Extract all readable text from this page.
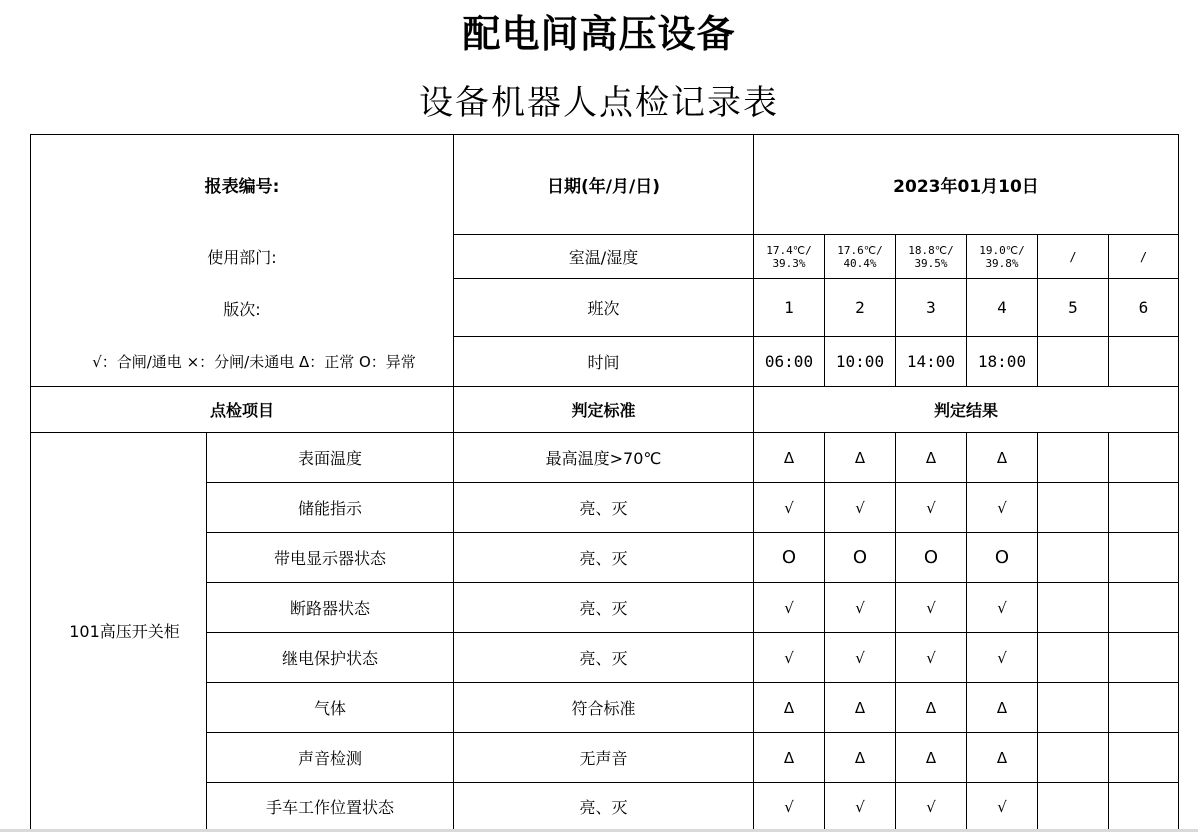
配电间高压设备
设备机器人点检记录表
报表编号:		日期(年/月/日)	2023年01月10日					
使用部门:		室温/湿度	17.4℃/ 39.3%	17.6℃/ 40.4%	18.8℃/ 39.5%	19.0℃/ 39.8%	/	/
版次:		班次	1	2	3	4	5	6
√：合闸/通电 ×：分闸/未通电 Δ：正常 O：异常		时间	06:00	10:00	14:00	18:00		
点检项目		判定标准	判定结果					
101高压开关柜	表面温度	最高温度>70℃	Δ	Δ	Δ	Δ		
	储能指示	亮、灭	√	√	√	√		
	带电显示器状态	亮、灭	O	O	O	O		
	断路器状态	亮、灭	√	√	√	√		
	继电保护状态	亮、灭	√	√	√	√		
	气体	符合标准	Δ	Δ	Δ	Δ		
	声音检测	无声音	Δ	Δ	Δ	Δ		
	手车工作位置状态	亮、灭	√	√	√	√		
